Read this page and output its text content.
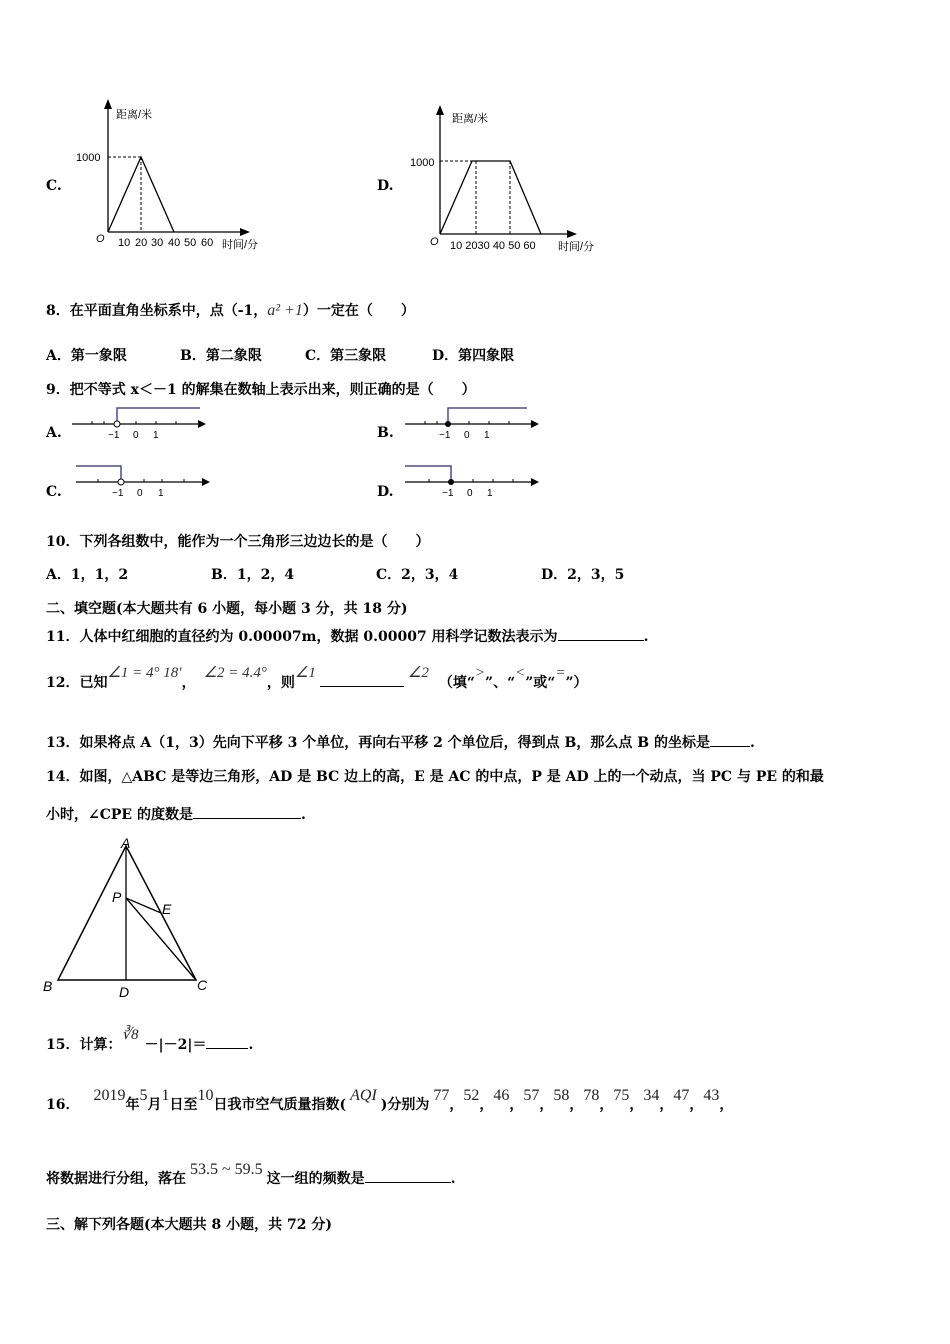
C.
距离/米
1000
O 10 20 30 40 50 60 时间/分
D.
距离/米
1000
O 10 2030 40 50 60 时间/分
8．在平面直角坐标系中，点（-1，a² +1）一定在（　　）
A．第一象限	B．第二象限	C．第三象限	D．第四象限
9．把不等式 x＜－1 的解集在数轴上表示出来，则正确的是（　　）
A.	−1 0 1	B.	−1 0 1
C.	−1 0 1	D.	−1 0 1
10．下列各组数中，能作为一个三角形三边边长的是（　　）
A．1，1，2	B．1，2，4	C．2，3，4	D．2，3，5
二、填空题(本大题共有 6 小题，每小题 3 分，共 18 分)
11．人体中红细胞的直径约为 0.00007m，数据 0.00007 用科学记数法表示为	.
12．已知∠1 = 4° 18′，∠2 = 4.4°，则∠1	∠2（填“>”、“<”或“=”）
13．如果将点 A（1，3）先向下平移 3 个单位，再向右平移 2 个单位后，得到点 B，那么点 B 的坐标是	.
14．如图，△ABC 是等边三角形，AD 是 BC 边上的高，E 是 AC 的中点，P 是 AD 上的一个动点，当 PC 与 PE 的和最
小时，∠CPE 的度数是	.
A
P
E
B	D	C
15．计算：∛8－|－2|＝	.
16．2019年5月1日至10日我市空气质量指数(AQI)分别为77，52，46，57，58，78，75，34，47，43，
将数据进行分组，落在53.5 ~ 59.5这一组的频数是	.
三、解下列各题(本大题共 8 小题，共 72 分)
